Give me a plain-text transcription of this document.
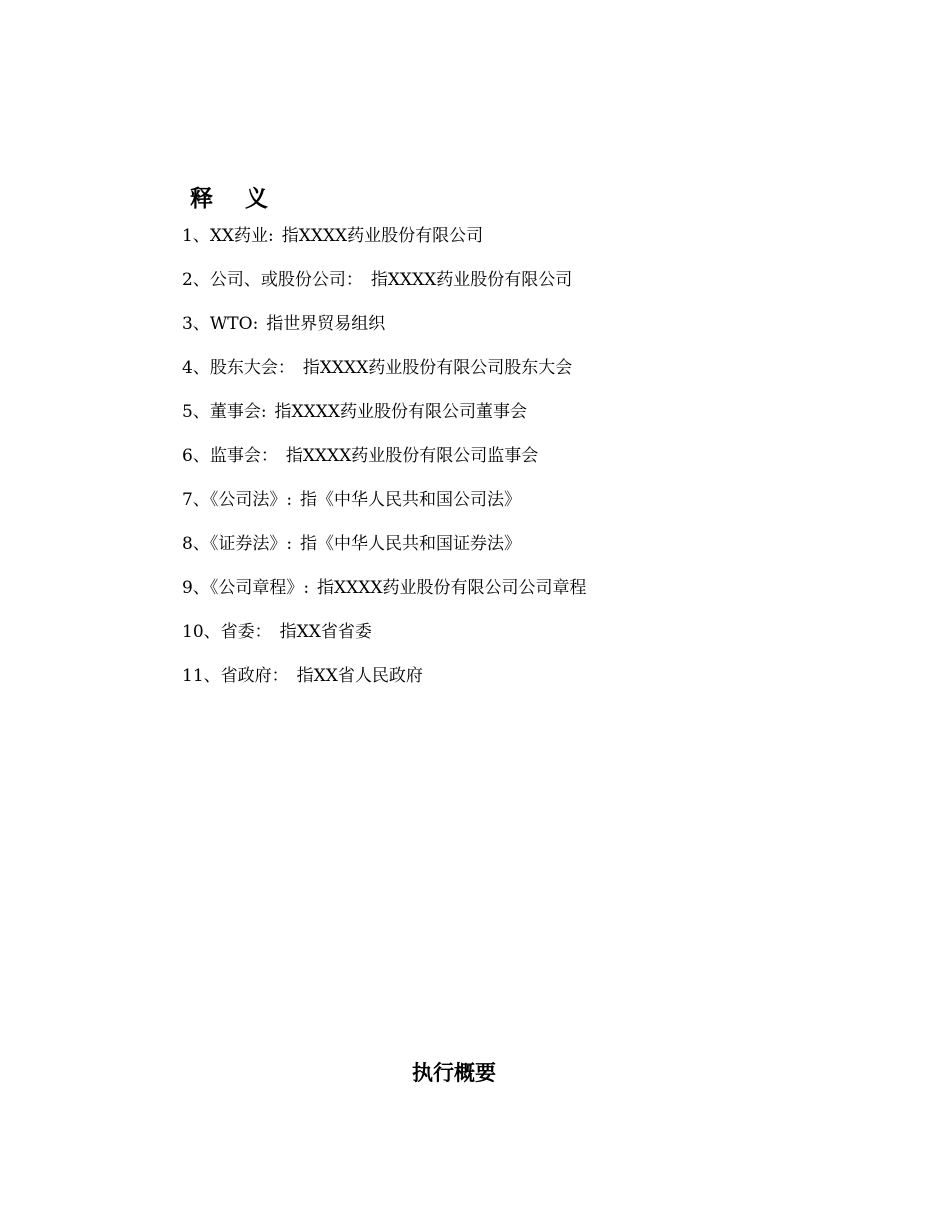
释 义
1、XX药业: 指XXXX药业股份有限公司
2、公司、或股份公司： 指XXXX药业股份有限公司
3、WTO: 指世界贸易组织
4、股东大会： 指XXXX药业股份有限公司股东大会
5、董事会: 指XXXX药业股份有限公司董事会
6、监事会： 指XXXX药业股份有限公司监事会
7、《公司法》: 指《中华人民共和国公司法》
8、《证券法》: 指《中华人民共和国证券法》
9、《公司章程》: 指XXXX药业股份有限公司公司章程
10、省委： 指XX省省委
11、省政府： 指XX省人民政府
执行概要
